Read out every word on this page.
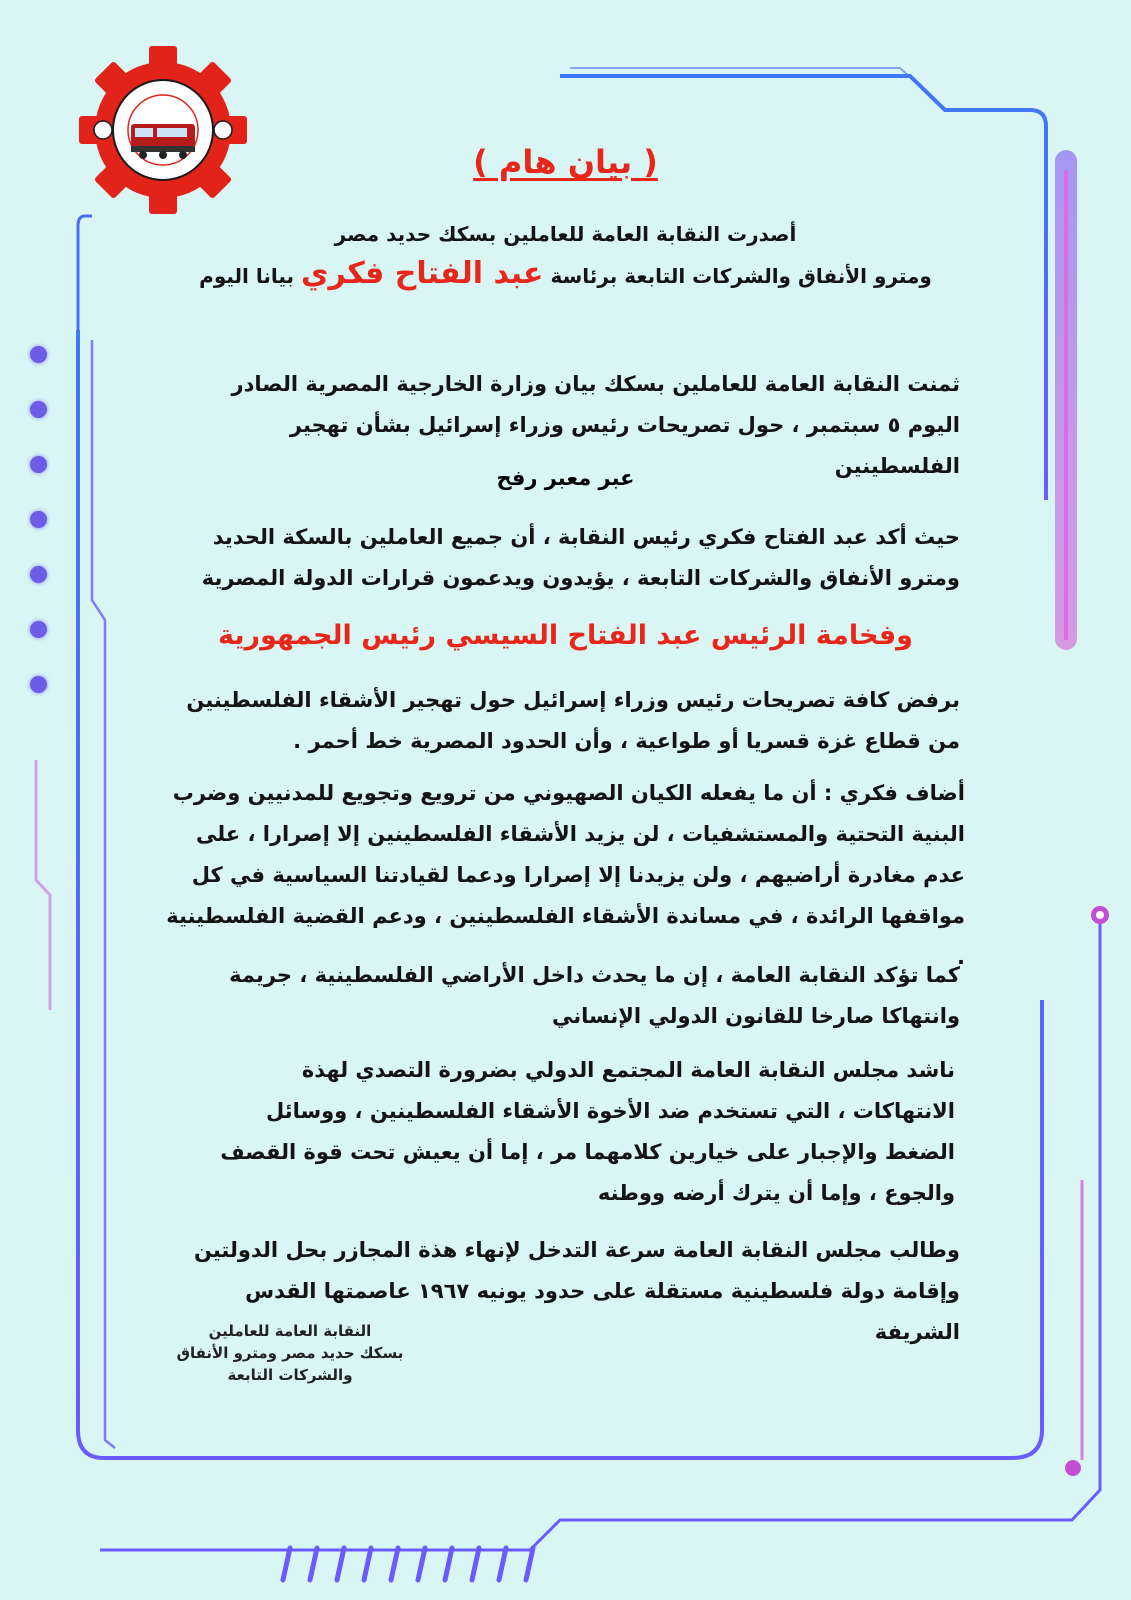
( بيان هام )
أصدرت النقابة العامة للعاملين بسكك حديد مصر
ومترو الأنفاق والشركات التابعة برئاسة عبد الفتاح فكري بيانا اليوم
ثمنت النقابة العامة للعاملين بسكك بيان وزارة الخارجية المصرية الصادر اليوم ٥ سبتمبر ، حول تصريحات رئيس وزراء إسرائيل بشأن تهجير الفلسطينين
عبر معبر رفح
حيث أكد عبد الفتاح فكري رئيس النقابة ، أن جميع العاملين بالسكة الحديد ومترو الأنفاق والشركات التابعة ، يؤيدون ويدعمون قرارات الدولة المصرية
وفخامة الرئيس عبد الفتاح السيسي رئيس الجمهورية
برفض كافة تصريحات رئيس وزراء إسرائيل حول تهجير الأشقاء الفلسطينين من قطاع غزة قسريا أو طواعية ، وأن الحدود المصرية خط أحمر .
أضاف فكري : أن ما يفعله الكيان الصهيوني من ترويع وتجويع للمدنيين وضرب البنية التحتية والمستشفيات ، لن يزيد الأشقاء الفلسطينين إلا إصرارا ، على عدم مغادرة أراضيهم ، ولن يزيدنا إلا إصرارا ودعما لقيادتنا السياسية في كل مواقفها الرائدة ، في مساندة الأشقاء الفلسطينين ، ودعم القضية الفلسطينية .
كما تؤكد النقابة العامة ، إن ما يحدث داخل الأراضي الفلسطينية ، جريمة وانتهاكا صارخا للقانون الدولي الإنساني
ناشد مجلس النقابة العامة المجتمع الدولي بضرورة التصدي لهذة الانتهاكات ، التي تستخدم ضد الأخوة الأشقاء الفلسطينين ، ووسائل الضغط والإجبار على خيارين كلامهما مر ، إما أن يعيش تحت قوة القصف والجوع ، وإما أن يترك أرضه ووطنه
وطالب مجلس النقابة العامة سرعة التدخل لإنهاء هذة المجازر بحل الدولتين وإقامة دولة فلسطينية مستقلة على حدود يونيه ١٩٦٧ عاصمتها القدس الشريفة
النقابة العامة للعاملين
بسكك حديد مصر ومترو الأنفاق
والشركات التابعة
